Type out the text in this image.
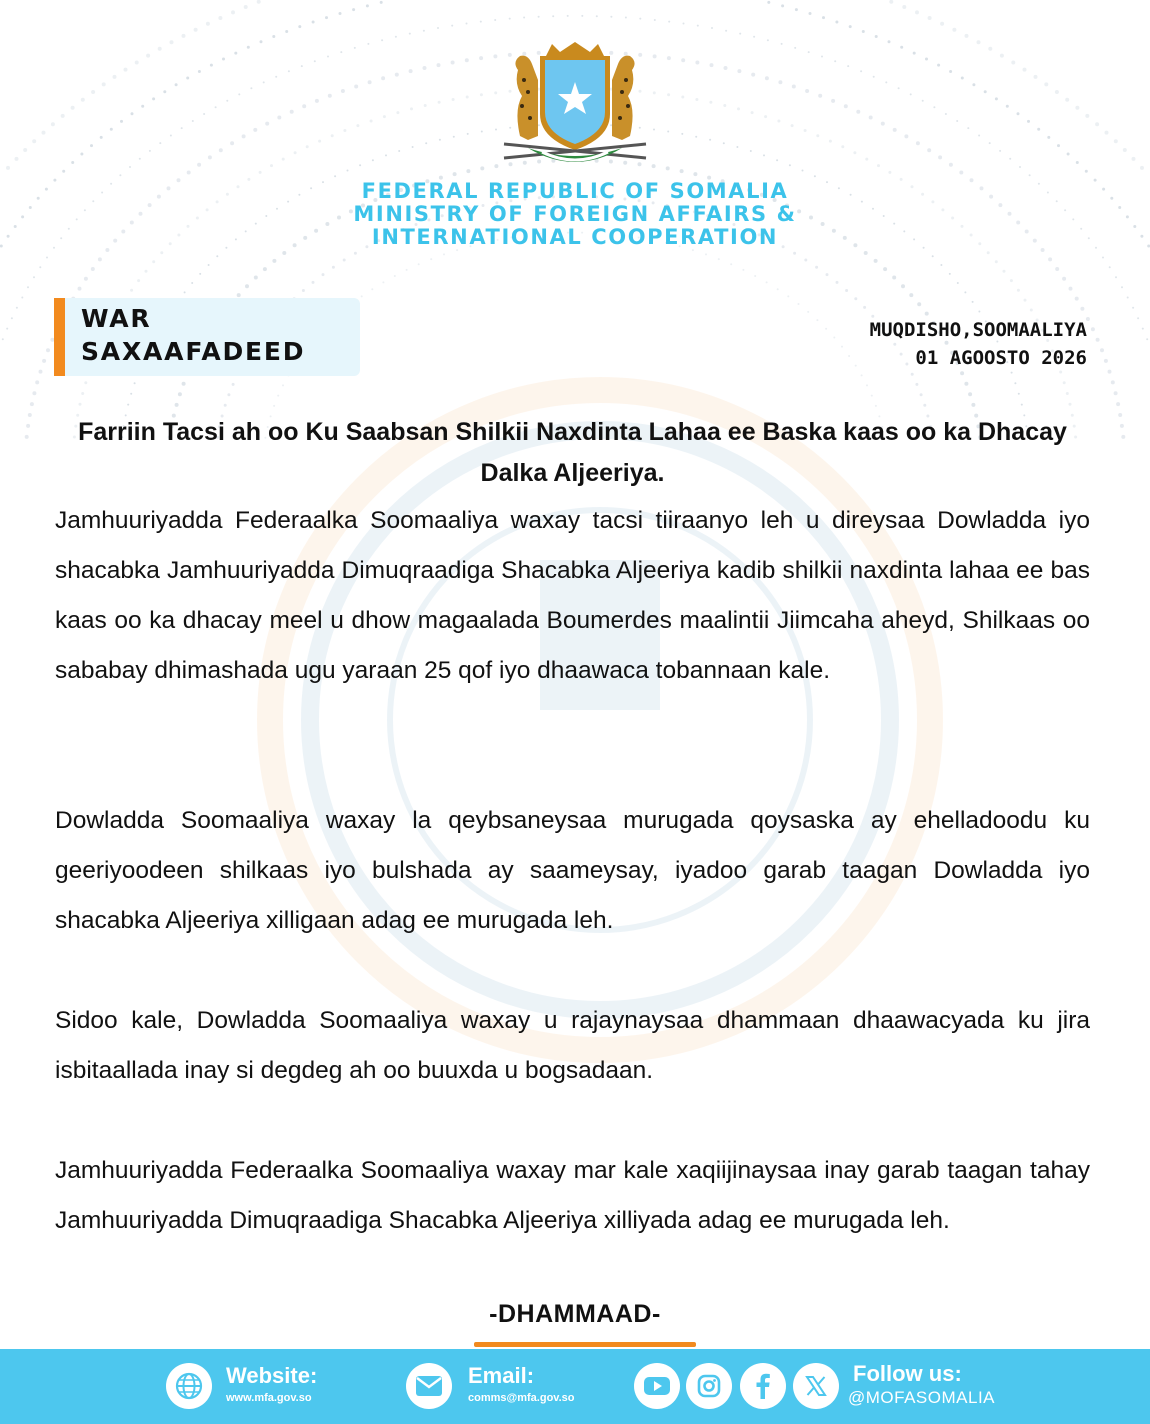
FEDERAL REPUBLIC OF SOMALIA
MINISTRY OF FOREIGN AFFAIRS &
INTERNATIONAL COOPERATION
WAR
SAXAAFADEED
MUQDISHO,SOOMAALIYA
01 AGOOSTO 2026
Farriin Tacsi ah oo Ku Saabsan Shilkii Naxdinta Lahaa ee Baska kaas oo ka Dhacay Dalka Aljeeriya.
Jamhuuriyadda Federaalka Soomaaliya waxay tacsi tiiraanyo leh u direysaa Dowladda iyo shacabka Jamhuuriyadda Dimuqraadiga Shacabka Aljeeriya kadib shilkii naxdinta lahaa ee bas kaas oo ka dhacay meel u dhow magaalada Boumerdes maalintii Jiimcaha aheyd, Shilkaas oo sababay dhimashada ugu yaraan 25 qof iyo dhaawaca tobannaan kale.
Dowladda Soomaaliya waxay la qeybsaneysaa murugada qoysaska ay ehelladoodu ku geeriyoodeen shilkaas iyo bulshada ay saameysay, iyadoo garab taagan Dowladda iyo shacabka Aljeeriya xilligaan adag ee murugada leh.
Sidoo kale, Dowladda Soomaaliya waxay u rajaynaysaa dhammaan dhaawacyada ku jira isbitaallada inay si degdeg ah oo buuxda u bogsadaan.
Jamhuuriyadda Federaalka Soomaaliya waxay mar kale xaqiijinaysaa inay garab taagan tahay Jamhuuriyadda Dimuqraadiga Shacabka Aljeeriya xilliyada adag ee murugada leh.
-DHAMMAAD-
Website:
www.mfa.gov.so
Email:
comms@mfa.gov.so
Follow us:
@MOFASOMALIA
